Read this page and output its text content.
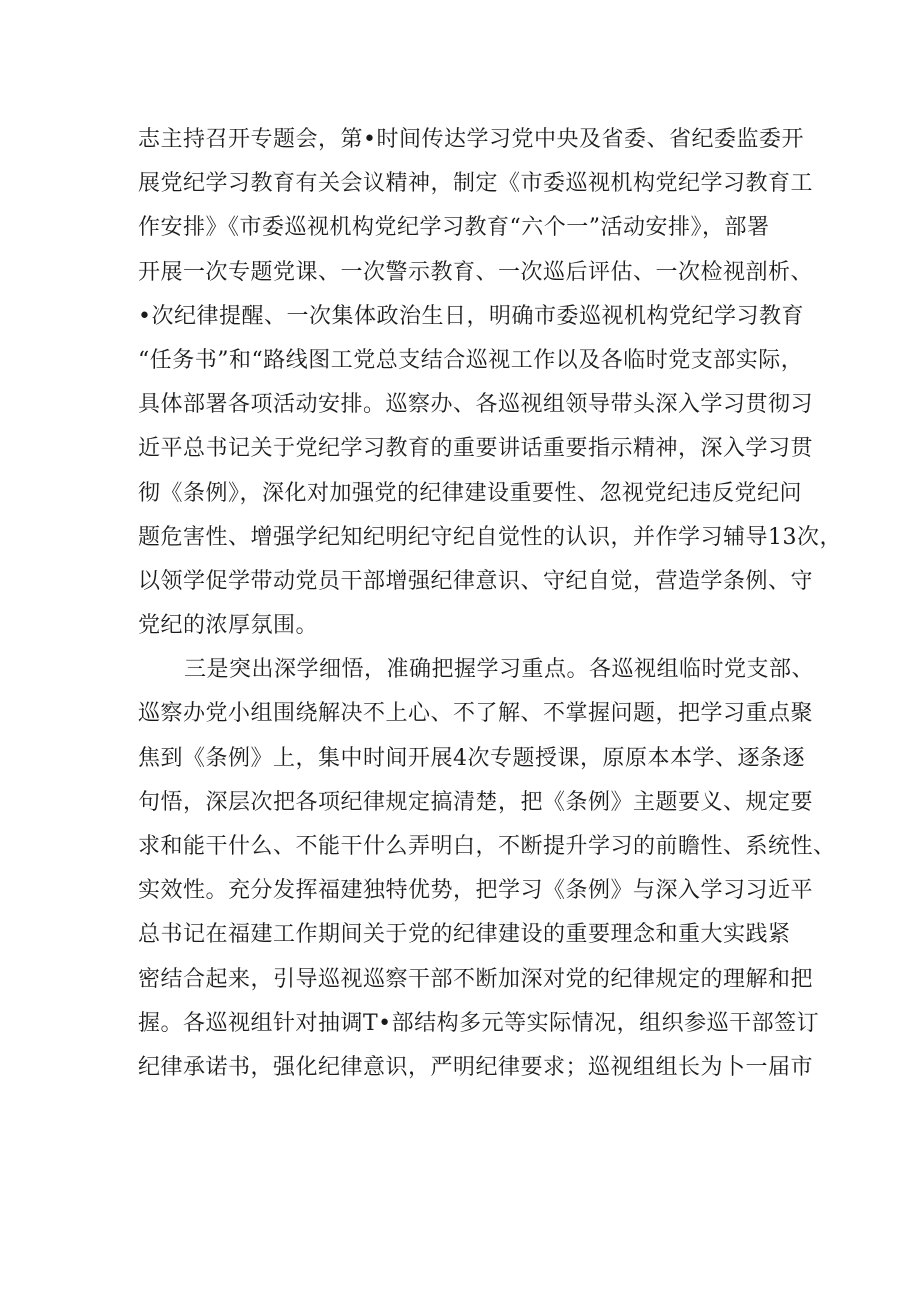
志主持召开专题会，第•时间传达学习党中央及省委、省纪委监委开
展党纪学习教育有关会议精神，制定《市委巡视机构党纪学习教育工
作安排》《市委巡视机构党纪学习教育“六个一”活动安排》，部署
开展一次专题党课、一次警示教育、一次巡后评估、一次检视剖析、
•次纪律提醒、一次集体政治生日，明确市委巡视机构党纪学习教育
“任务书”和“路线图工党总支结合巡视工作以及各临时党支部实际，
具体部署各项活动安排。巡察办、各巡视组领导带头深入学习贯彻习
近平总书记关于党纪学习教育的重要讲话重要指示精神，深入学习贯
彻《条例》，深化对加强党的纪律建设重要性、忽视党纪违反党纪问
题危害性、增强学纪知纪明纪守纪自觉性的认识，并作学习辅导13次，
以领学促学带动党员干部增强纪律意识、守纪自觉，营造学条例、守
党纪的浓厚氛围。
三是突出深学细悟，准确把握学习重点。各巡视组临时党支部、
巡察办党小组围绕解决不上心、不了解、不掌握问题，把学习重点聚
焦到《条例》上，集中时间开展4次专题授课，原原本本学、逐条逐
句悟，深层次把各项纪律规定搞清楚，把《条例》主题要义、规定要
求和能干什么、不能干什么弄明白，不断提升学习的前瞻性、系统性、
实效性。充分发挥福建独特优势，把学习《条例》与深入学习习近平
总书记在福建工作期间关于党的纪律建设的重要理念和重大实践紧
密结合起来，引导巡视巡察干部不断加深对党的纪律规定的理解和把
握。各巡视组针对抽调T•部结构多元等实际情况，组织参巡干部签订
纪律承诺书，强化纪律意识，严明纪律要求；巡视组组长为卜一届市
